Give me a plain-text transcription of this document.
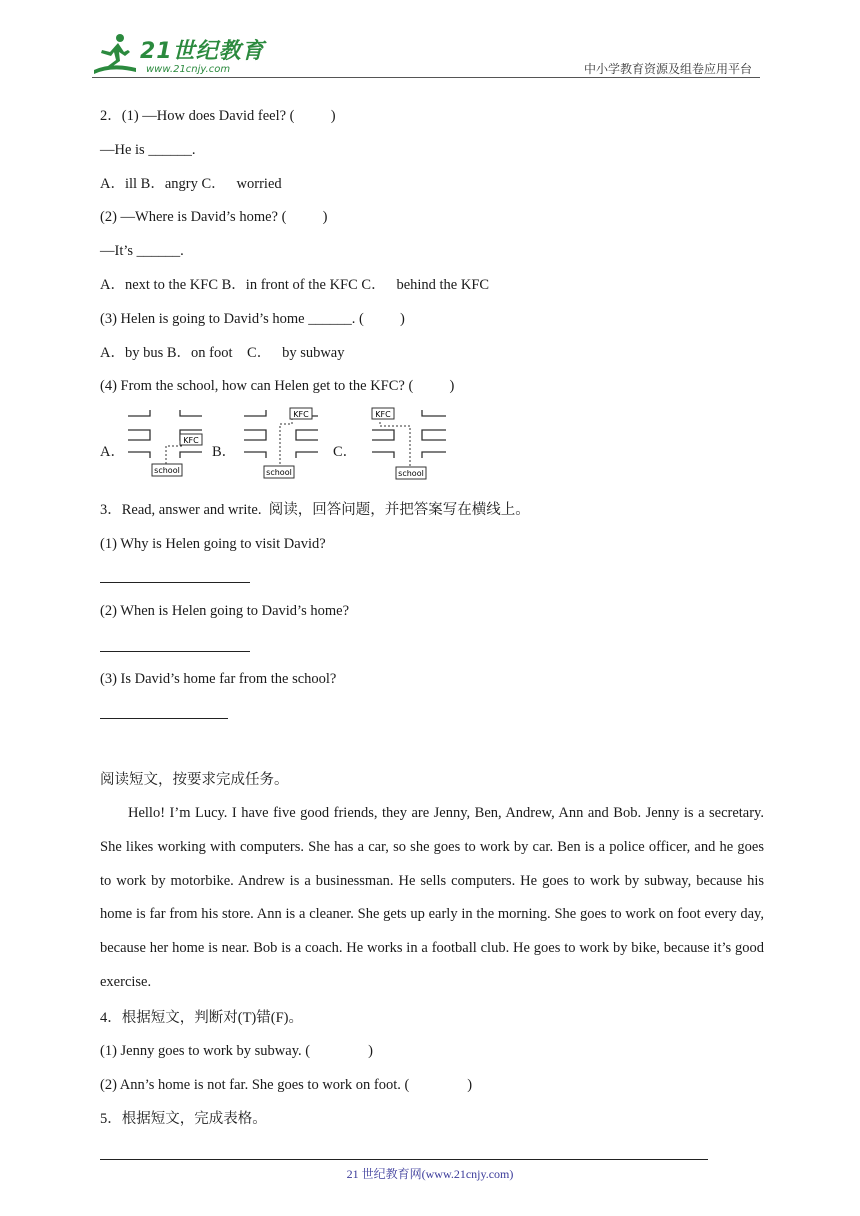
21世纪教育
www.21cnjy.com	中小学教育资源及组卷应用平台
2．(1) —How does David feel? (          )
—He is ______.
A．ill B．angry C．   worried
(2) —Where is David’s home? (          )
—It’s ______.
A．next to the KFC B．in front of the KFC C．   behind the KFC
(3) Helen is going to David’s home ______. (          )
A．by bus B．on foot    C．   by subway
(4) From the school, how can Helen get to the KFC? (          )
A．
KFC
school
B．
KFC
school
C．
KFC
school
3．Read, answer and write.  阅读，回答问题，并把答案写在横线上。
(1) Why is Helen going to visit David?
(2) When is Helen going to David’s home?
(3) Is David’s home far from the school?
阅读短文，按要求完成任务。

Hello! I’m Lucy. I have five good friends, they are Jenny, Ben, Andrew, Ann and Bob. Jenny is a secretary. She likes working with computers. She has a car, so she goes to work by car. Ben is a police officer, and he goes to work by motorbike. Andrew is a businessman. He sells computers. He goes to work by subway, because his home is far from his store. Ann is a cleaner. She gets up early in the morning. She goes to work on foot every day, because her home is near. Bob is a coach. He works in a football club. He goes to work by bike, because it’s good exercise.

4．根据短文，判断对(T)错(F)。
(1) Jenny goes to work by subway. (                )
(2) Ann’s home is not far. She goes to work on foot. (                )
5．根据短文，完成表格。
21 世纪教育网(www.21cnjy.com)
